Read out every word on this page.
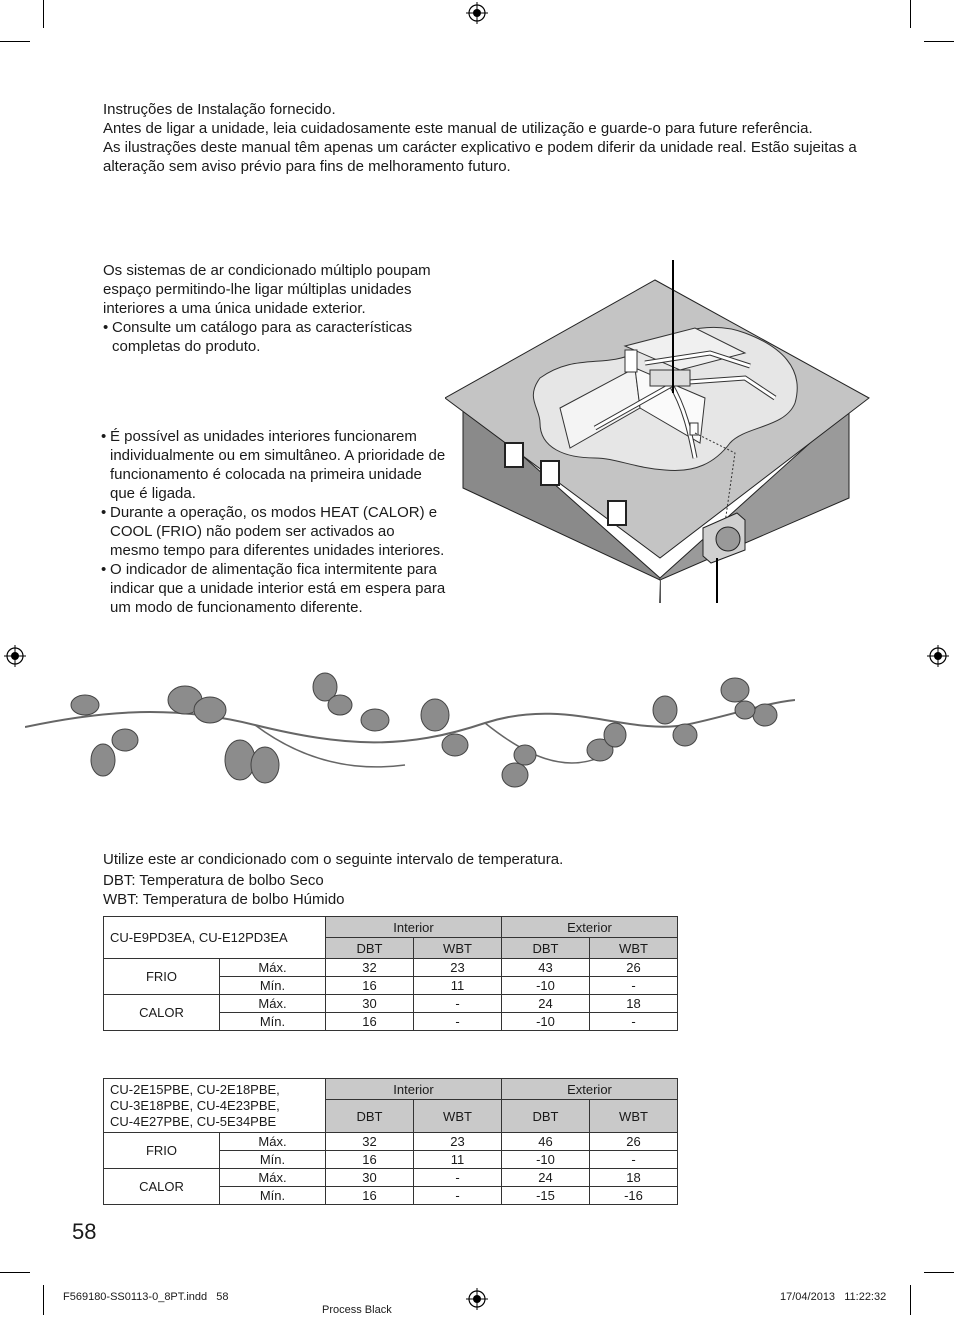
Instruções de Instalação fornecido.

Antes de ligar a unidade, leia cuidadosamente este manual de utilização e guarde-o para future referência.

As ilustrações deste manual têm apenas um carácter explicativo e podem diferir da unidade real. Estão sujeitas a alteração sem aviso prévio para fins de melhoramento futuro.

Os sistemas de ar condicionado múltiplo poupam espaço permitindo-lhe ligar múltiplas unidades interiores a uma única unidade exterior.

• Consulte um catálogo para as características completas do produto.

• É possível as unidades interiores funcionarem individualmente ou em simultâneo. A prioridade de funcionamento é colocada na primeira unidade que é ligada.

• Durante a operação, os modos HEAT (CALOR) e COOL (FRIO) não podem ser activados ao mesmo tempo para diferentes unidades interiores.

• O indicador de alimentação fica intermitente para indicar que a unidade interior está em espera para um modo de funcionamento diferente.

Utilize este ar condicionado com o seguinte intervalo de temperatura.

DBT: Temperatura de bolbo Seco

WBT: Temperatura de bolbo Húmido

CU-E9PD3EA, CU-E12PD3EA		Interior		Exterior	
		DBT	WBT	DBT	WBT
FRIO	Máx.	32	23	43	26
	Mín.	16	11	-10	-
CALOR	Máx.	30	-	24	18
	Mín.	16	-	-10	-
CU-2E15PBE, CU-2E18PBE,
CU-3E18PBE, CU-4E23PBE,
CU-4E27PBE, CU-5E34PBE		Interior		Exterior	
		DBT	WBT	DBT	WBT
FRIO	Máx.	32	23	46	26
	Mín.	16	11	-10	-
CALOR	Máx.	30	-	24	18
	Mín.	16	-	-15	-16
58
F569180-SS0113-0_8PT.indd   58
Process Black
17/04/2013   11:22:32
